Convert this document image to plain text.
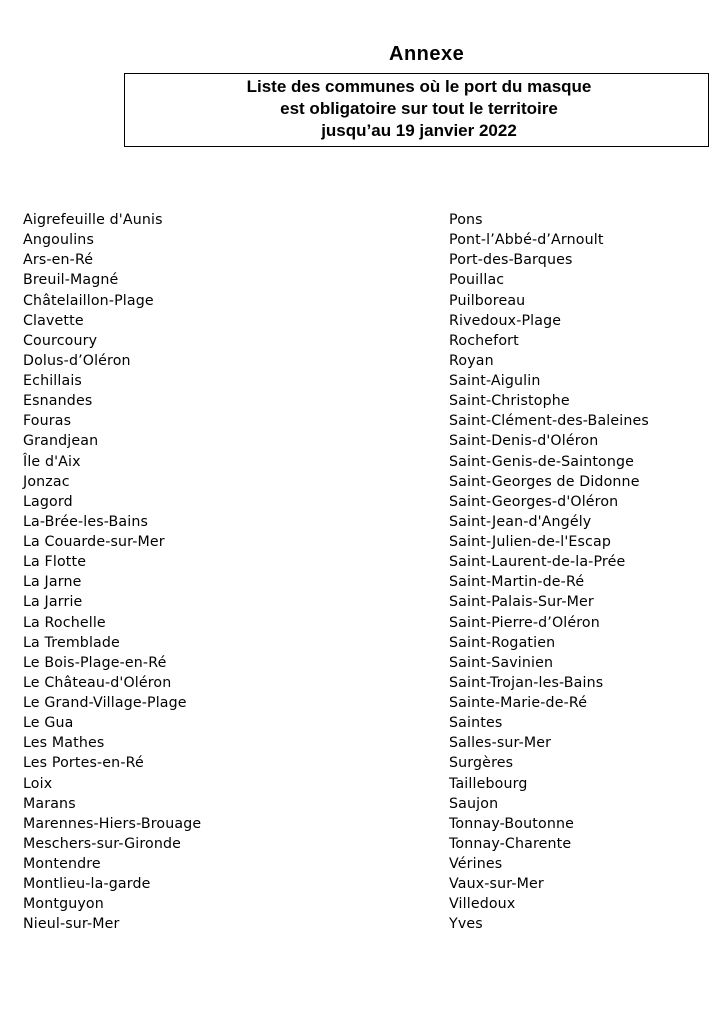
Annexe
Liste des communes où le port du masque
est obligatoire sur tout le territoire
jusqu’au 19 janvier 2022
Aigrefeuille d'Aunis
Angoulins
Ars-en-Ré
Breuil-Magné
Châtelaillon-Plage
Clavette
Courcoury
Dolus-d’Oléron
Echillais
Esnandes
Fouras
Grandjean
Île d'Aix
Jonzac
Lagord
La-Brée-les-Bains
La Couarde-sur-Mer
La Flotte
La Jarne
La Jarrie
La Rochelle
La Tremblade
Le Bois-Plage-en-Ré
Le Château-d'Oléron
Le Grand-Village-Plage
Le Gua
Les Mathes
Les Portes-en-Ré
Loix
Marans
Marennes-Hiers-Brouage
Meschers-sur-Gironde
Montendre
Montlieu-la-garde
Montguyon
Nieul-sur-Mer
Pons
Pont-l’Abbé-d’Arnoult
Port-des-Barques
Pouillac
Puilboreau
Rivedoux-Plage
Rochefort
Royan
Saint-Aigulin
Saint-Christophe
Saint-Clément-des-Baleines
Saint-Denis-d'Oléron
Saint-Genis-de-Saintonge
Saint-Georges de Didonne
Saint-Georges-d'Oléron
Saint-Jean-d'Angély
Saint-Julien-de-l'Escap
Saint-Laurent-de-la-Prée
Saint-Martin-de-Ré
Saint-Palais-Sur-Mer
Saint-Pierre-d’Oléron
Saint-Rogatien
Saint-Savinien
Saint-Trojan-les-Bains
Sainte-Marie-de-Ré
Saintes
Salles-sur-Mer
Surgères
Taillebourg
Saujon
Tonnay-Boutonne
Tonnay-Charente
Vérines
Vaux-sur-Mer
Villedoux
Yves
